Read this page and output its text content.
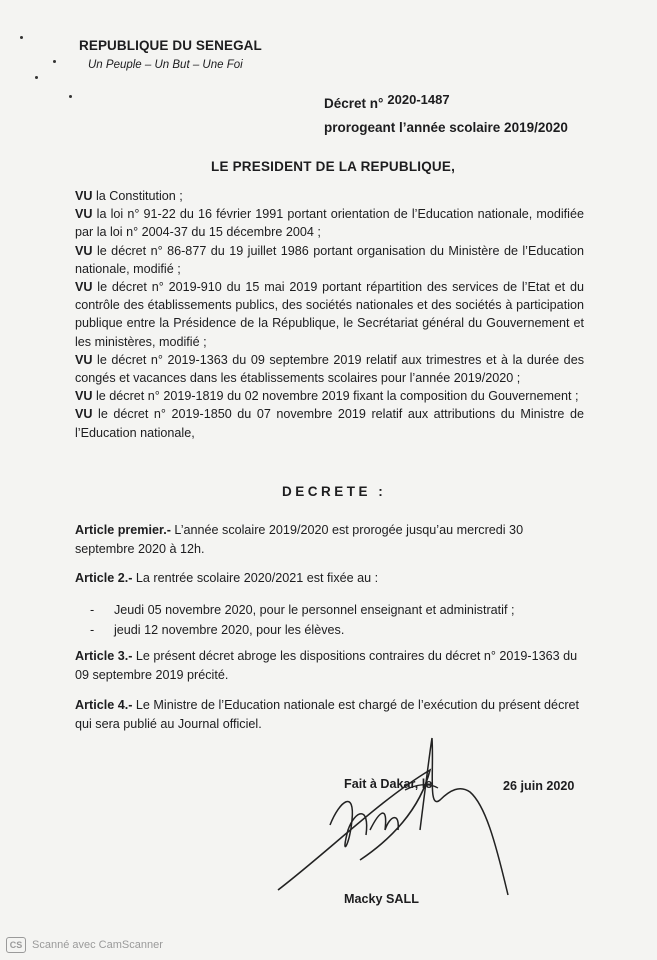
REPUBLIQUE DU SENEGAL
Un Peuple – Un But – Une Foi
Décret n° 2020-1487
prorogeant l’année scolaire 2019/2020
LE PRESIDENT DE LA REPUBLIQUE,
VU la Constitution ;
VU la loi n° 91-22 du 16 février 1991 portant orientation de l’Education nationale, modifiée par la loi n° 2004-37 du 15 décembre 2004 ;
VU le décret n° 86-877 du 19 juillet 1986 portant organisation du Ministère de l’Education nationale, modifié ;
VU le décret n° 2019-910 du 15 mai 2019 portant répartition des services de l’Etat et du contrôle des établissements publics, des sociétés nationales et des sociétés à participation publique entre la Présidence de la République, le Secrétariat général du Gouvernement et les ministères, modifié ;
VU le décret n° 2019-1363 du 09 septembre 2019 relatif aux trimestres et à la durée des congés et vacances dans les établissements scolaires pour l’année 2019/2020 ;
VU le décret n° 2019-1819 du 02 novembre 2019 fixant la composition du Gouvernement ;
VU le décret n° 2019-1850 du 07 novembre 2019 relatif aux attributions du Ministre de l’Education nationale,
DECRETE :
Article premier.- L’année scolaire 2019/2020 est prorogée jusqu’au mercredi 30 septembre 2020 à 12h.
Article 2.- La rentrée scolaire 2020/2021 est fixée au :
- Jeudi 05 novembre 2020, pour le personnel enseignant et administratif ;
- jeudi 12 novembre 2020, pour les élèves.
Article 3.- Le présent décret abroge les dispositions contraires du décret n° 2019-1363 du 09 septembre 2019 précité.
Article 4.- Le Ministre de l’Education nationale est chargé de l’exécution du présent décret qui sera publié au Journal officiel.
Fait à Dakar, le	26 juin 2020
Macky SALL
CS Scanné avec CamScanner
